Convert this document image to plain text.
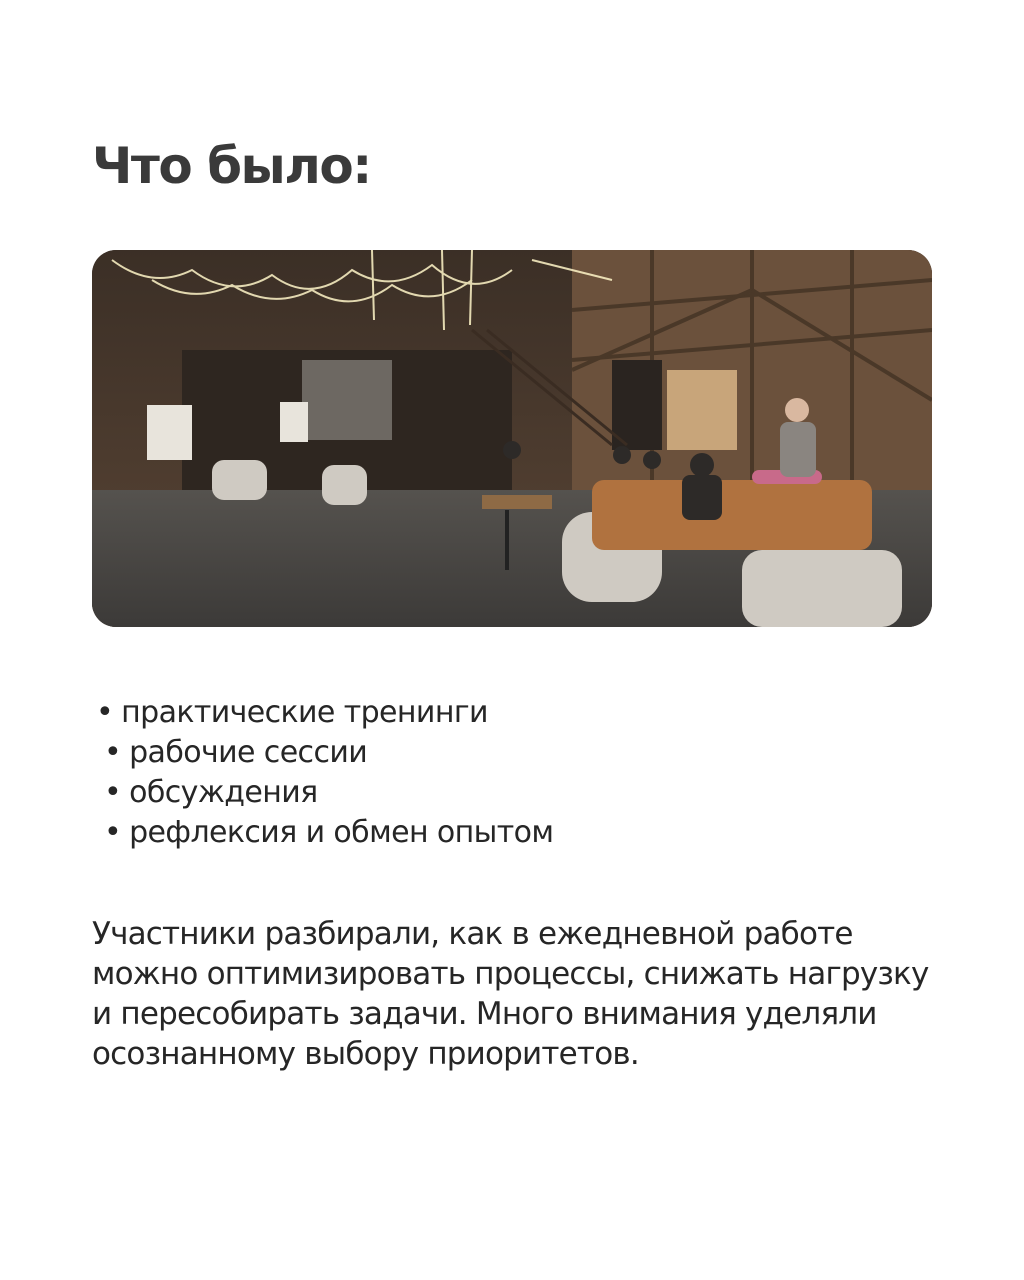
Что было:
• практические тренинги
• рабочие сессии
• обсуждения
• рефлексия и обмен опытом

Участники разбирали, как в ежедневной работе можно оптимизировать процессы, снижать нагрузку и пересобирать задачи. Много внимания уделяли осознанному выбору приоритетов.
